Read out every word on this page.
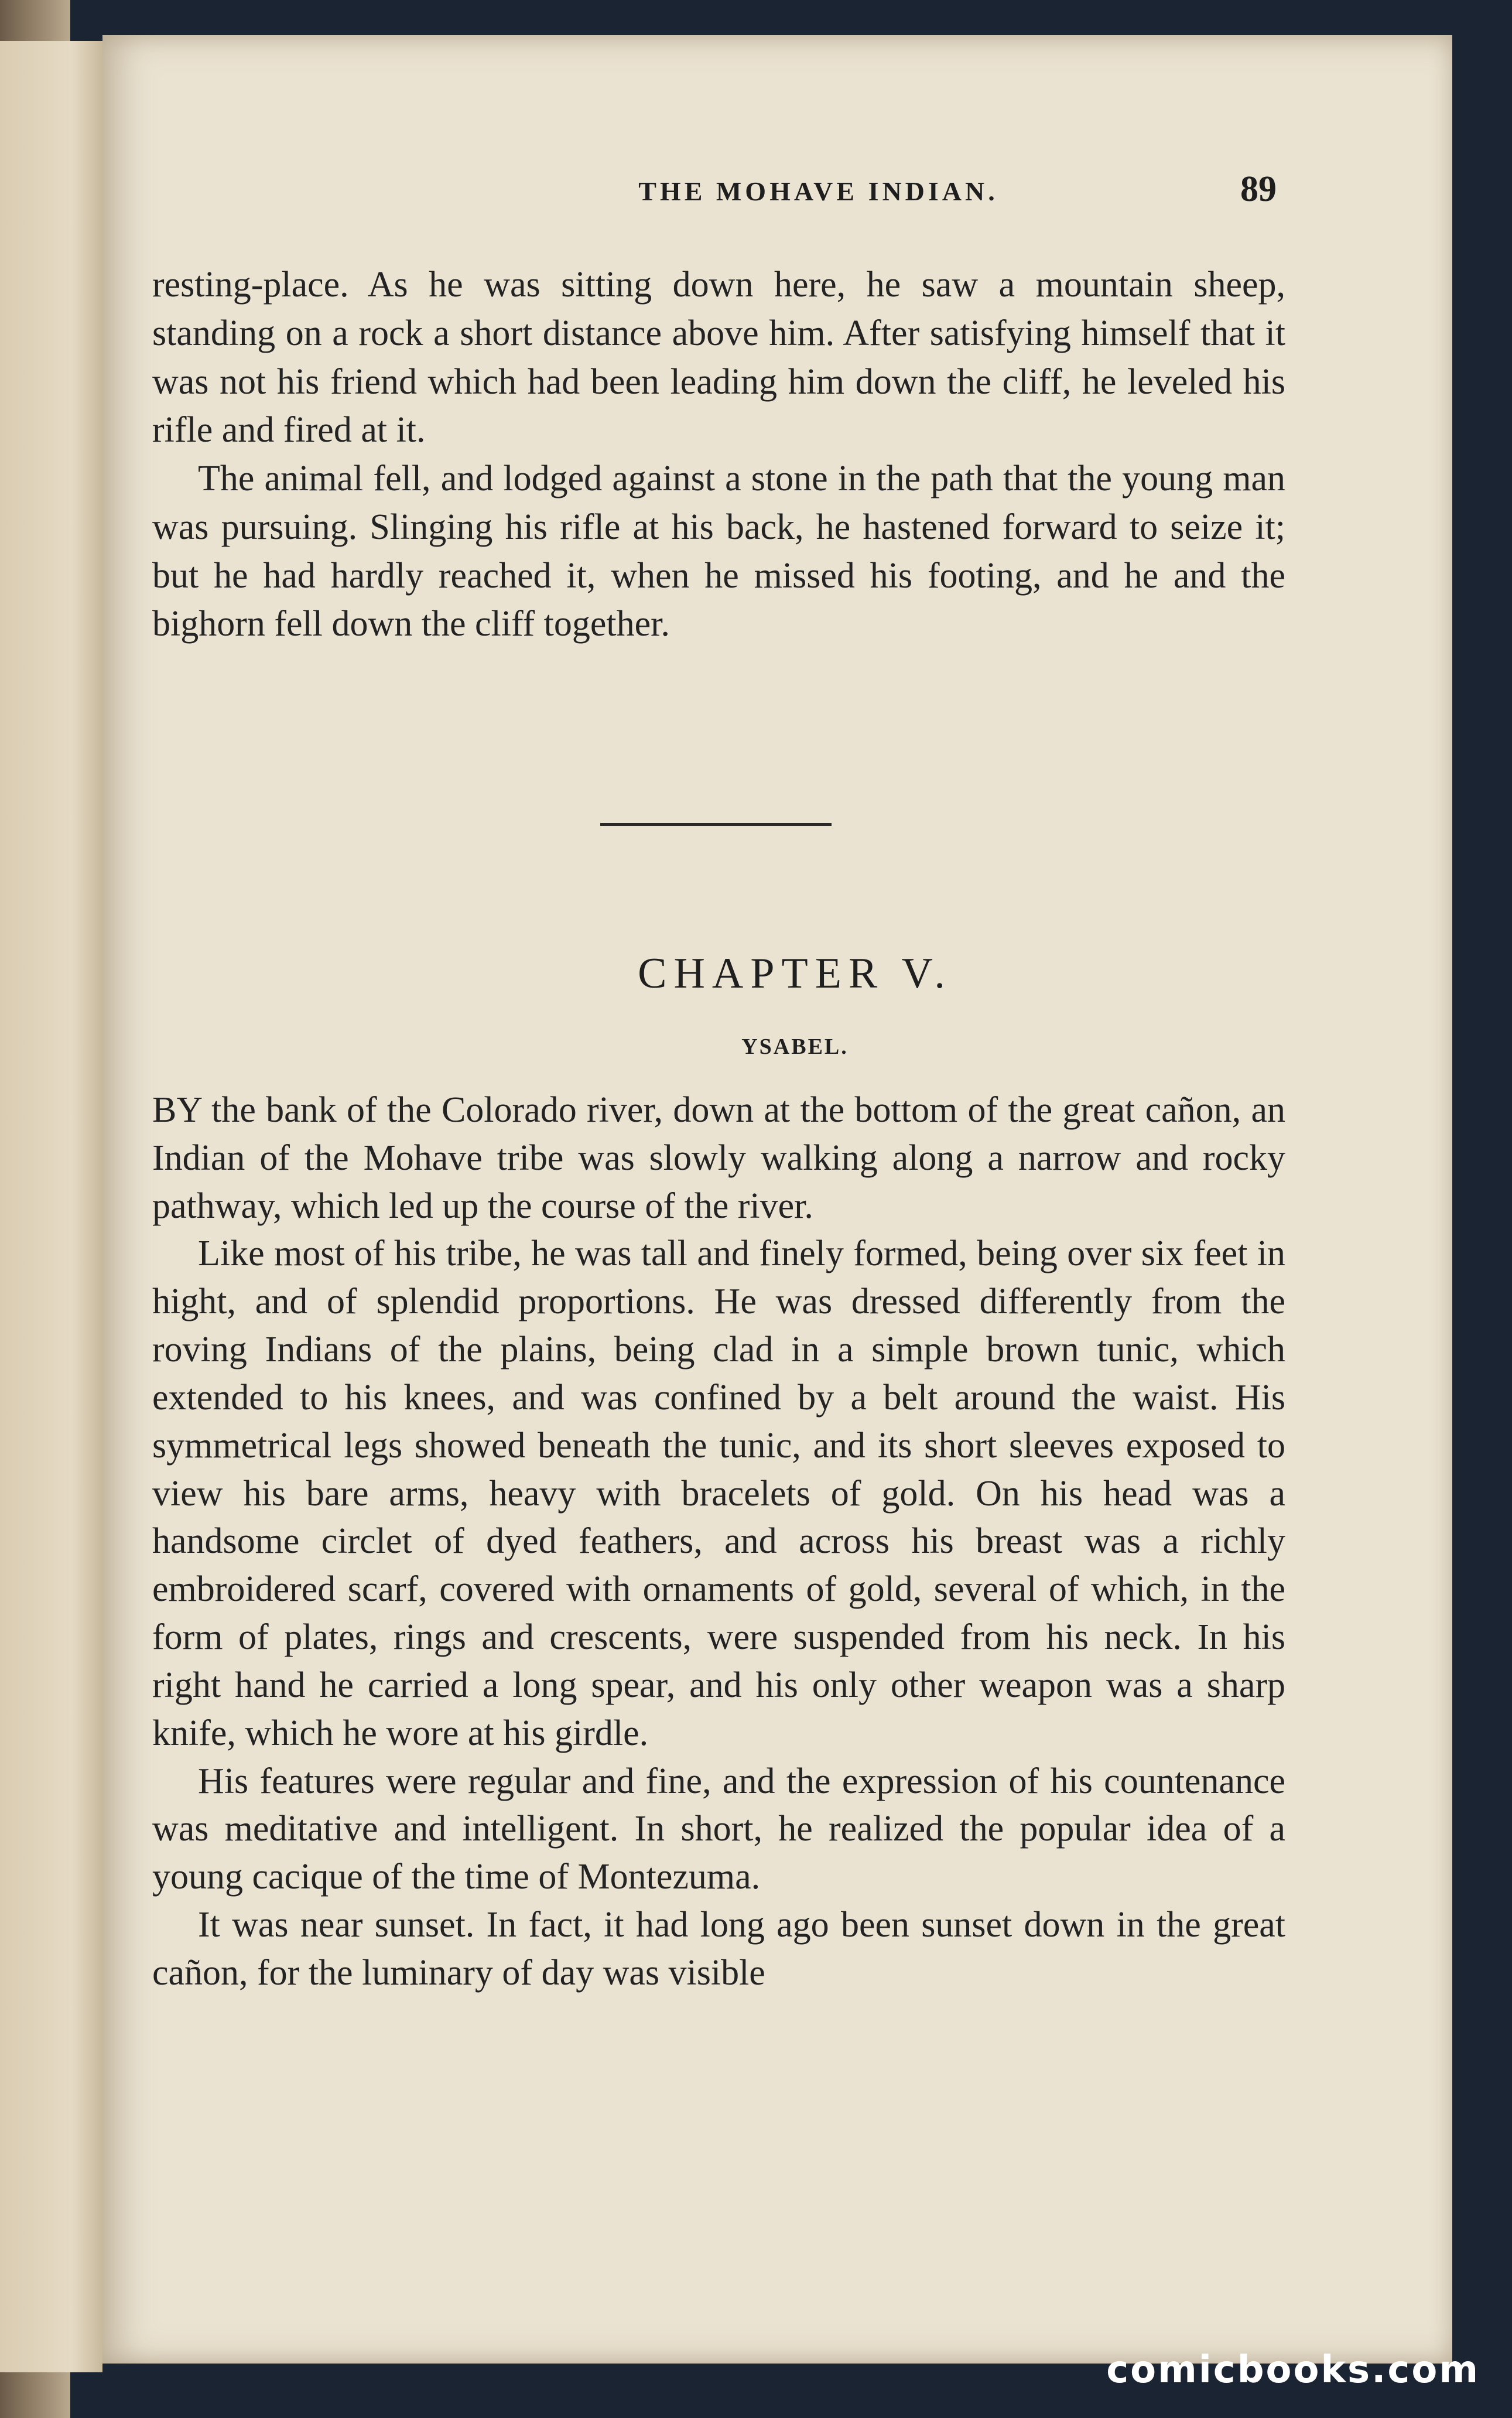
THE MOHAVE INDIAN.	89

resting-place. As he was sitting down here, he saw a mountain sheep, standing on a rock a short distance above him. After satisfying himself that it was not his friend which had been leading him down the cliff, he leveled his rifle and fired at it.

The animal fell, and lodged against a stone in the path that the young man was pursuing. Slinging his rifle at his back, he hastened forward to seize it; but he had hardly reached it, when he missed his footing, and he and the bighorn fell down the cliff together.

CHAPTER V.
YSABEL.

BY the bank of the Colorado river, down at the bottom of the great cañon, an Indian of the Mohave tribe was slowly walking along a narrow and rocky pathway, which led up the course of the river.

Like most of his tribe, he was tall and finely formed, being over six feet in hight, and of splendid proportions. He was dressed differently from the roving Indians of the plains, being clad in a simple brown tunic, which extended to his knees, and was confined by a belt around the waist. His symmetrical legs showed beneath the tunic, and its short sleeves exposed to view his bare arms, heavy with bracelets of gold. On his head was a handsome circlet of dyed feathers, and across his breast was a richly embroidered scarf, covered with ornaments of gold, several of which, in the form of plates, rings and crescents, were suspended from his neck. In his right hand he carried a long spear, and his only other weapon was a sharp knife, which he wore at his girdle.

His features were regular and fine, and the expression of his countenance was meditative and intelligent. In short, he realized the popular idea of a young cacique of the time of Montezuma.

It was near sunset. In fact, it had long ago been sunset down in the great cañon, for the luminary of day was visible

comicbooks.com
